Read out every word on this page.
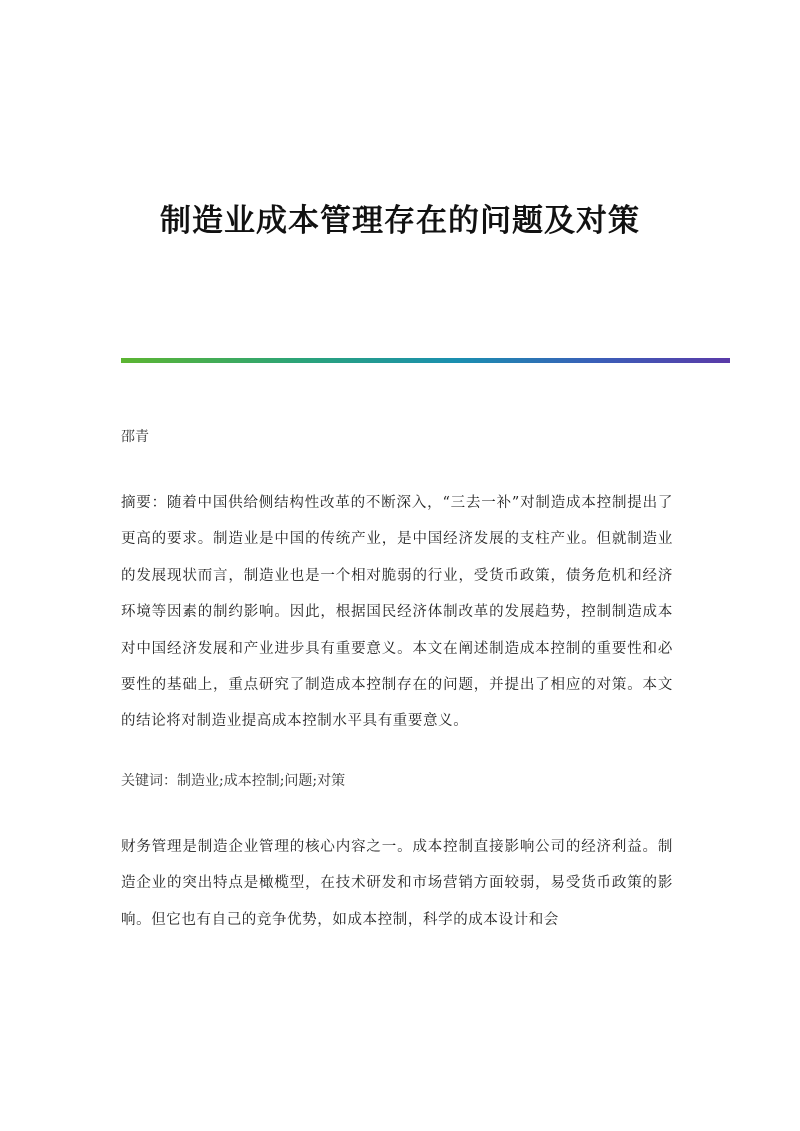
制造业成本管理存在的问题及对策

邵青

摘要：随着中国供给侧结构性改革的不断深入，“三去一补”对制造成本控制提出了更高的要求。制造业是中国的传统产业，是中国经济发展的支柱产业。但就制造业的发展现状而言，制造业也是一个相对脆弱的行业，受货币政策，债务危机和经济环境等因素的制约影响。因此，根据国民经济体制改革的发展趋势，控制制造成本对中国经济发展和产业进步具有重要意义。本文在阐述制造成本控制的重要性和必要性的基础上，重点研究了制造成本控制存在的问题，并提出了相应的对策。本文的结论将对制造业提高成本控制水平具有重要意义。

关键词：制造业;成本控制;问题;对策

财务管理是制造企业管理的核心内容之一。成本控制直接影响公司的经济利益。制造企业的突出特点是橄榄型，在技术研发和市场营销方面较弱，易受货币政策的影响。但它也有自己的竞争优势，如成本控制，科学的成本设计和会
